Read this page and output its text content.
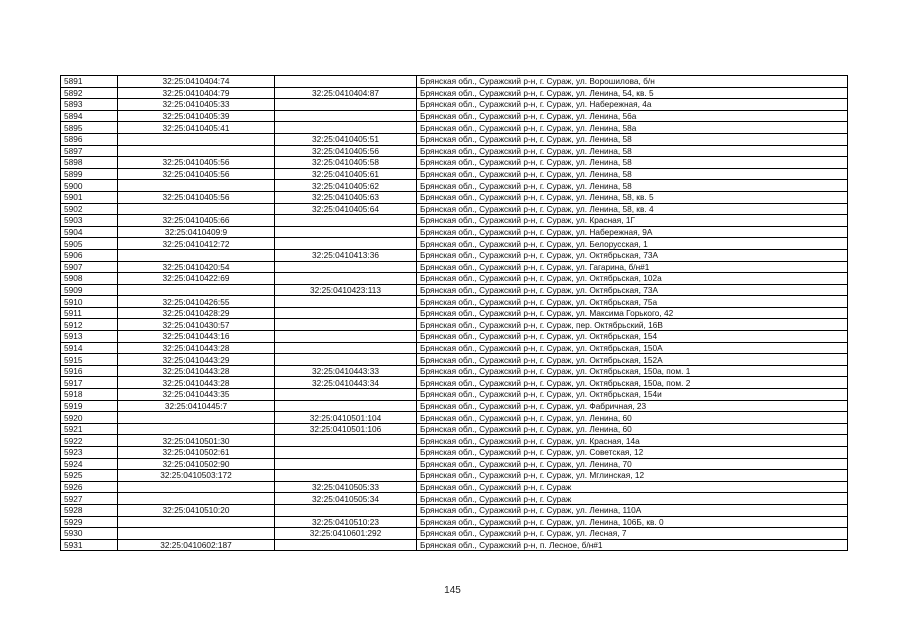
5891	32:25:0410404:74		Брянская обл., Суражский р-н, г. Сураж, ул. Ворошилова, б/н
5892	32:25:0410404:79	32:25:0410404:87	Брянская обл., Суражский р-н, г. Сураж, ул. Ленина, 54, кв. 5
5893	32:25:0410405:33		Брянская обл., Суражский р-н, г. Сураж, ул. Набережная, 4а
5894	32:25:0410405:39		Брянская обл., Суражский р-н, г. Сураж, ул. Ленина, 56а
5895	32:25:0410405:41		Брянская обл., Суражский р-н, г. Сураж, ул. Ленина, 58а
5896		32:25:0410405:51	Брянская обл., Суражский р-н, г. Сураж, ул. Ленина, 58
5897		32:25:0410405:56	Брянская обл., Суражский р-н, г. Сураж, ул. Ленина, 58
5898	32:25:0410405:56	32:25:0410405:58	Брянская обл., Суражский р-н, г. Сураж, ул. Ленина, 58
5899	32:25:0410405:56	32:25:0410405:61	Брянская обл., Суражский р-н, г. Сураж, ул. Ленина, 58
5900		32:25:0410405:62	Брянская обл., Суражский р-н, г. Сураж, ул. Ленина, 58
5901	32:25:0410405:56	32:25:0410405:63	Брянская обл., Суражский р-н, г. Сураж, ул. Ленина, 58, кв. 5
5902		32:25:0410405:64	Брянская обл., Суражский р-н, г. Сураж, ул. Ленина, 58, кв. 4
5903	32:25:0410405:66		Брянская обл., Суражский р-н, г. Сураж, ул. Красная, 1Г
5904	32:25:0410409:9		Брянская обл., Суражский р-н, г. Сураж, ул. Набережная, 9А
5905	32:25:0410412:72		Брянская обл., Суражский р-н, г. Сураж, ул. Белорусская, 1
5906		32:25:0410413:36	Брянская обл., Суражский р-н, г. Сураж, ул. Октябрьская, 73А
5907	32:25:0410420:54		Брянская обл., Суражский р-н, г. Сураж, ул. Гагарина, б/н#1
5908	32:25:0410422:69		Брянская обл., Суражский р-н, г. Сураж, ул. Октябрьская, 102а
5909		32:25:0410423:113	Брянская обл., Суражский р-н, г. Сураж, ул. Октябрьская, 73А
5910	32:25:0410426:55		Брянская обл., Суражский р-н, г. Сураж, ул. Октябрьская, 75а
5911	32:25:0410428:29		Брянская обл., Суражский р-н, г. Сураж, ул. Максима Горького, 42
5912	32:25:0410430:57		Брянская обл., Суражский р-н, г. Сураж, пер. Октябрьский, 16В
5913	32:25:0410443:16		Брянская обл., Суражский р-н, г. Сураж, ул. Октябрьская, 154
5914	32:25:0410443:28		Брянская обл., Суражский р-н, г. Сураж, ул. Октябрьская, 150А
5915	32:25:0410443:29		Брянская обл., Суражский р-н, г. Сураж, ул. Октябрьская, 152А
5916	32:25:0410443:28	32:25:0410443:33	Брянская обл., Суражский р-н, г. Сураж, ул. Октябрьская, 150а, пом. 1
5917	32:25:0410443:28	32:25:0410443:34	Брянская обл., Суражский р-н, г. Сураж, ул. Октябрьская, 150а, пом. 2
5918	32:25:0410443:35		Брянская обл., Суражский р-н, г. Сураж, ул. Октябрьская, 154и
5919	32:25:0410445:7		Брянская обл., Суражский р-н, г. Сураж, ул. Фабричная, 23
5920		32:25:0410501:104	Брянская обл., Суражский р-н, г. Сураж, ул. Ленина, 60
5921		32:25:0410501:106	Брянская обл., Суражский р-н, г. Сураж, ул. Ленина, 60
5922	32:25:0410501:30		Брянская обл., Суражский р-н, г. Сураж, ул. Красная, 14а
5923	32:25:0410502:61		Брянская обл., Суражский р-н, г. Сураж, ул. Советская, 12
5924	32:25:0410502:90		Брянская обл., Суражский р-н, г. Сураж, ул. Ленина, 70
5925	32:25:0410503:172		Брянская обл., Суражский р-н, г. Сураж, ул. Мглинская, 12
5926		32:25:0410505:33	Брянская обл., Суражский р-н, г. Сураж
5927		32:25:0410505:34	Брянская обл., Суражский р-н, г. Сураж
5928	32:25:0410510:20		Брянская обл., Суражский р-н, г. Сураж, ул. Ленина, 110А
5929		32:25:0410510:23	Брянская обл., Суражский р-н, г. Сураж, ул. Ленина, 106Б, кв. 0
5930		32:25:0410601:292	Брянская обл., Суражский р-н, г. Сураж, ул. Лесная, 7
5931	32:25:0410602:187		Брянская обл., Суражский р-н, п. Лесное, б/н#1
145
